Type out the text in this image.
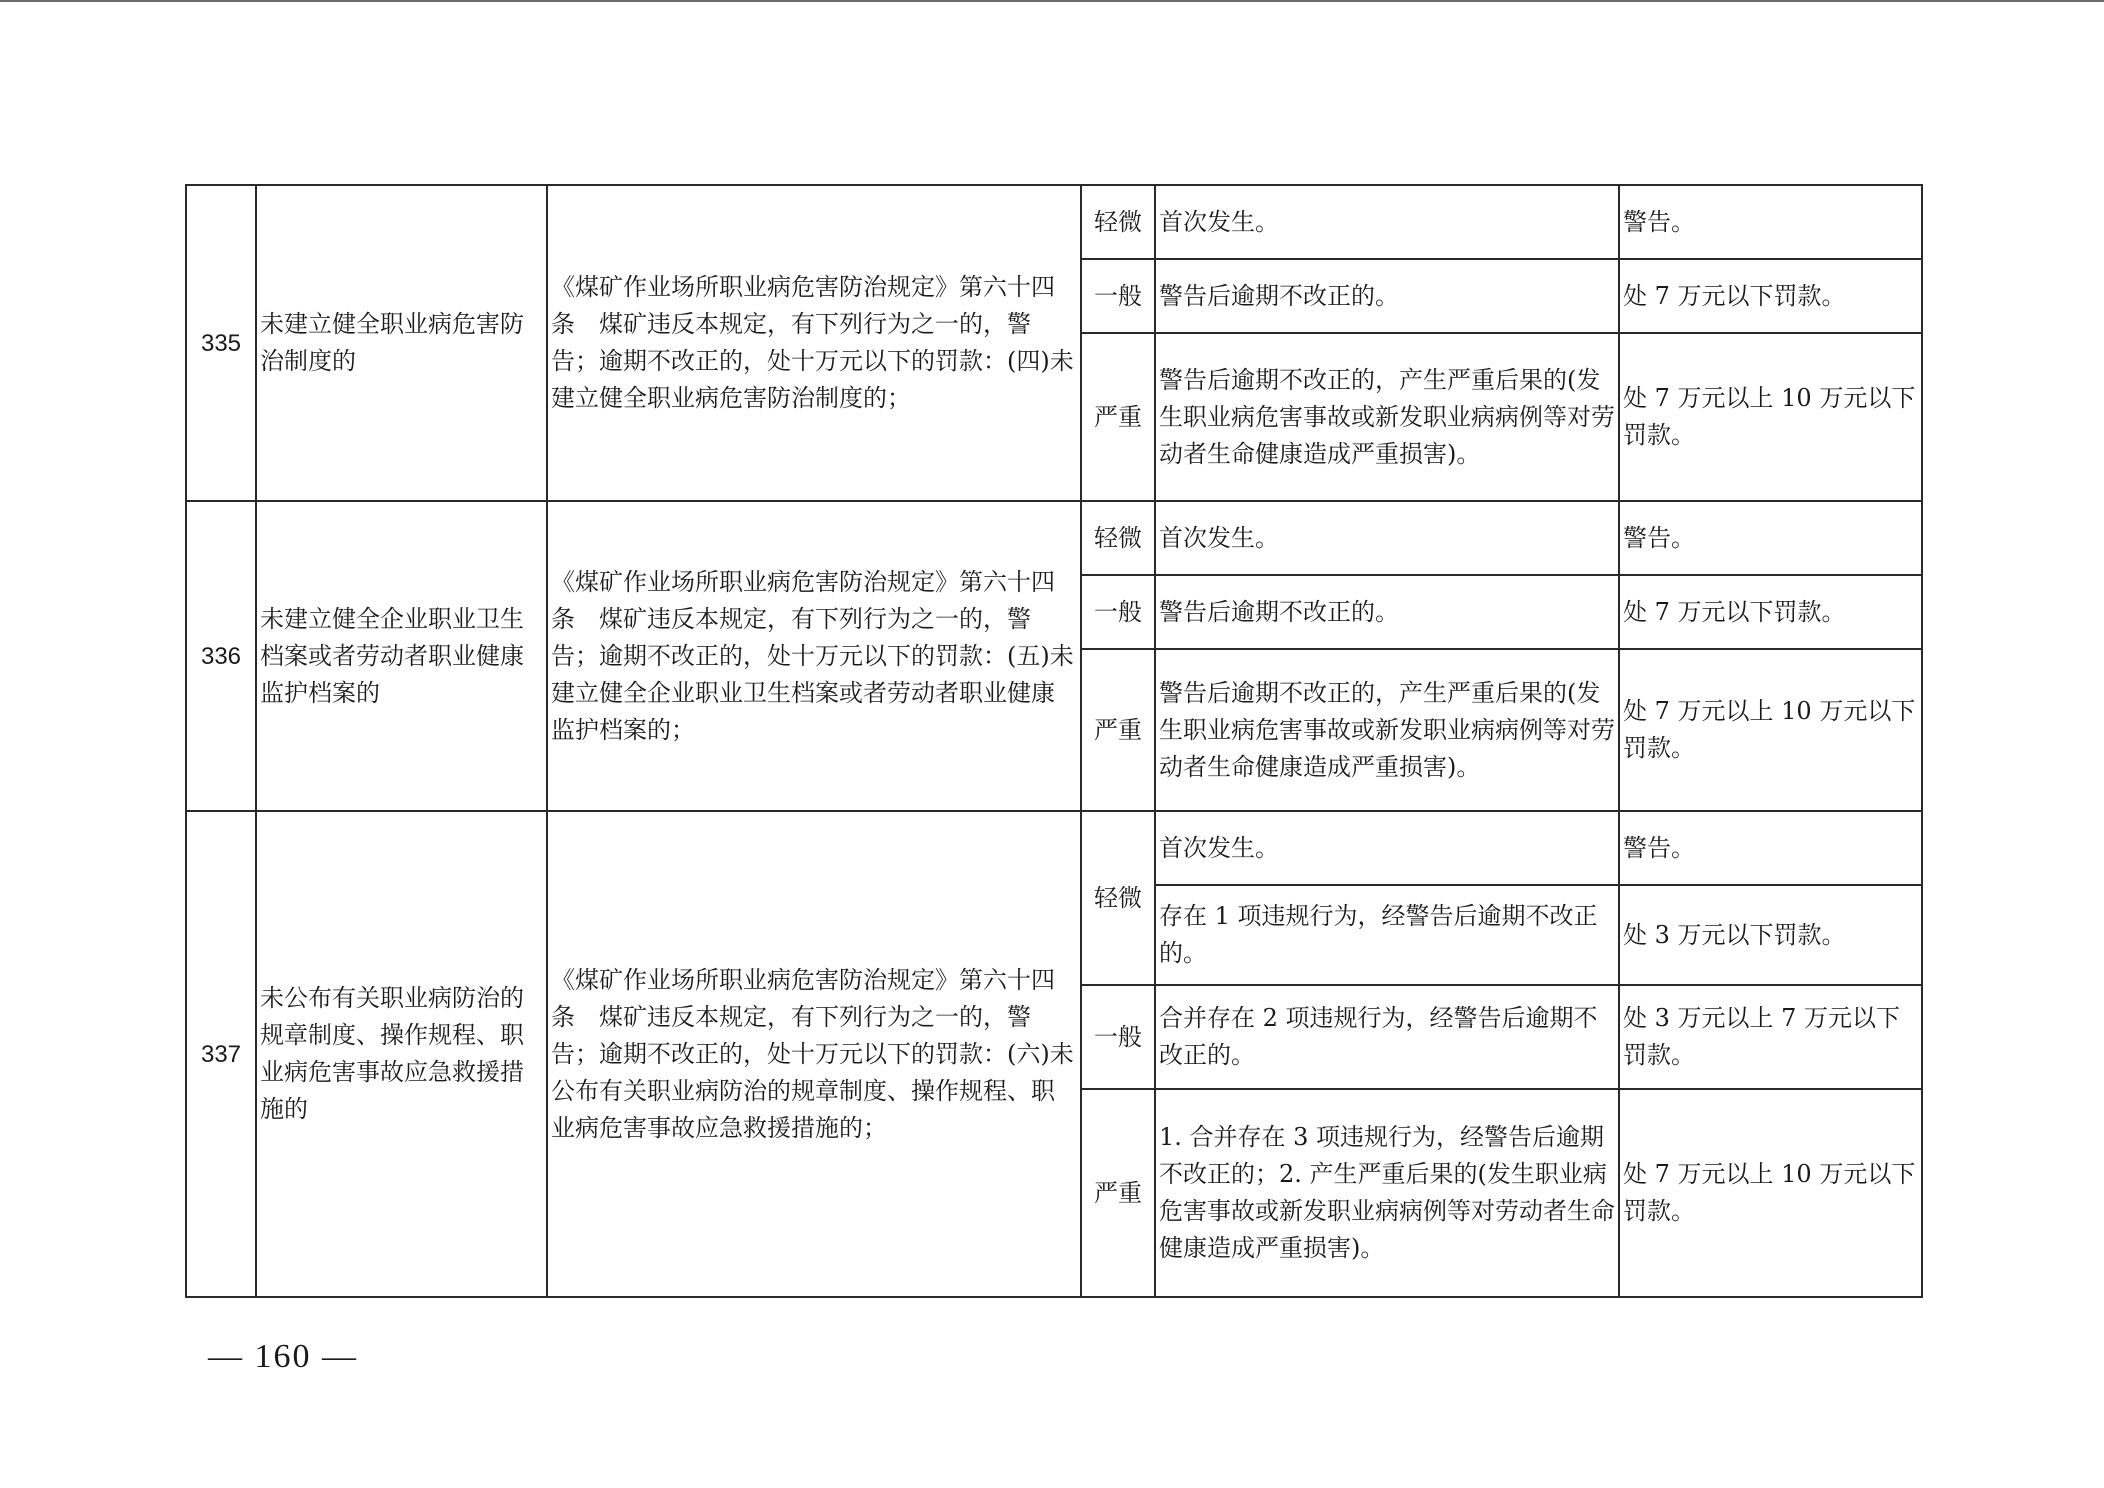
335	未建立健全职业病危害防治制度的	《煤矿作业场所职业病危害防治规定》第六十四条　煤矿违反本规定，有下列行为之一的，警告；逾期不改正的，处十万元以下的罚款：(四)未建立健全职业病危害防治制度的；	轻微	首次发生。	警告。
			一般	警告后逾期不改正的。	处 7 万元以下罚款。
			严重	警告后逾期不改正的，产生严重后果的(发生职业病危害事故或新发职业病病例等对劳动者生命健康造成严重损害)。	处 7 万元以上 10 万元以下罚款。
336	未建立健全企业职业卫生档案或者劳动者职业健康监护档案的	《煤矿作业场所职业病危害防治规定》第六十四条　煤矿违反本规定，有下列行为之一的，警告；逾期不改正的，处十万元以下的罚款：(五)未建立健全企业职业卫生档案或者劳动者职业健康监护档案的；	轻微	首次发生。	警告。
			一般	警告后逾期不改正的。	处 7 万元以下罚款。
			严重	警告后逾期不改正的，产生严重后果的(发生职业病危害事故或新发职业病病例等对劳动者生命健康造成严重损害)。	处 7 万元以上 10 万元以下罚款。
337	未公布有关职业病防治的规章制度、操作规程、职业病危害事故应急救援措施的	《煤矿作业场所职业病危害防治规定》第六十四条　煤矿违反本规定，有下列行为之一的，警告；逾期不改正的，处十万元以下的罚款：(六)未公布有关职业病防治的规章制度、操作规程、职业病危害事故应急救援措施的；	轻微	首次发生。	警告。
				存在 1 项违规行为，经警告后逾期不改正的。	处 3 万元以下罚款。
			一般	合并存在 2 项违规行为，经警告后逾期不改正的。	处 3 万元以上 7 万元以下罚款。
			严重	1. 合并存在 3 项违规行为，经警告后逾期不改正的；2. 产生严重后果的(发生职业病危害事故或新发职业病病例等对劳动者生命健康造成严重损害)。	处 7 万元以上 10 万元以下罚款。
— 160 —
